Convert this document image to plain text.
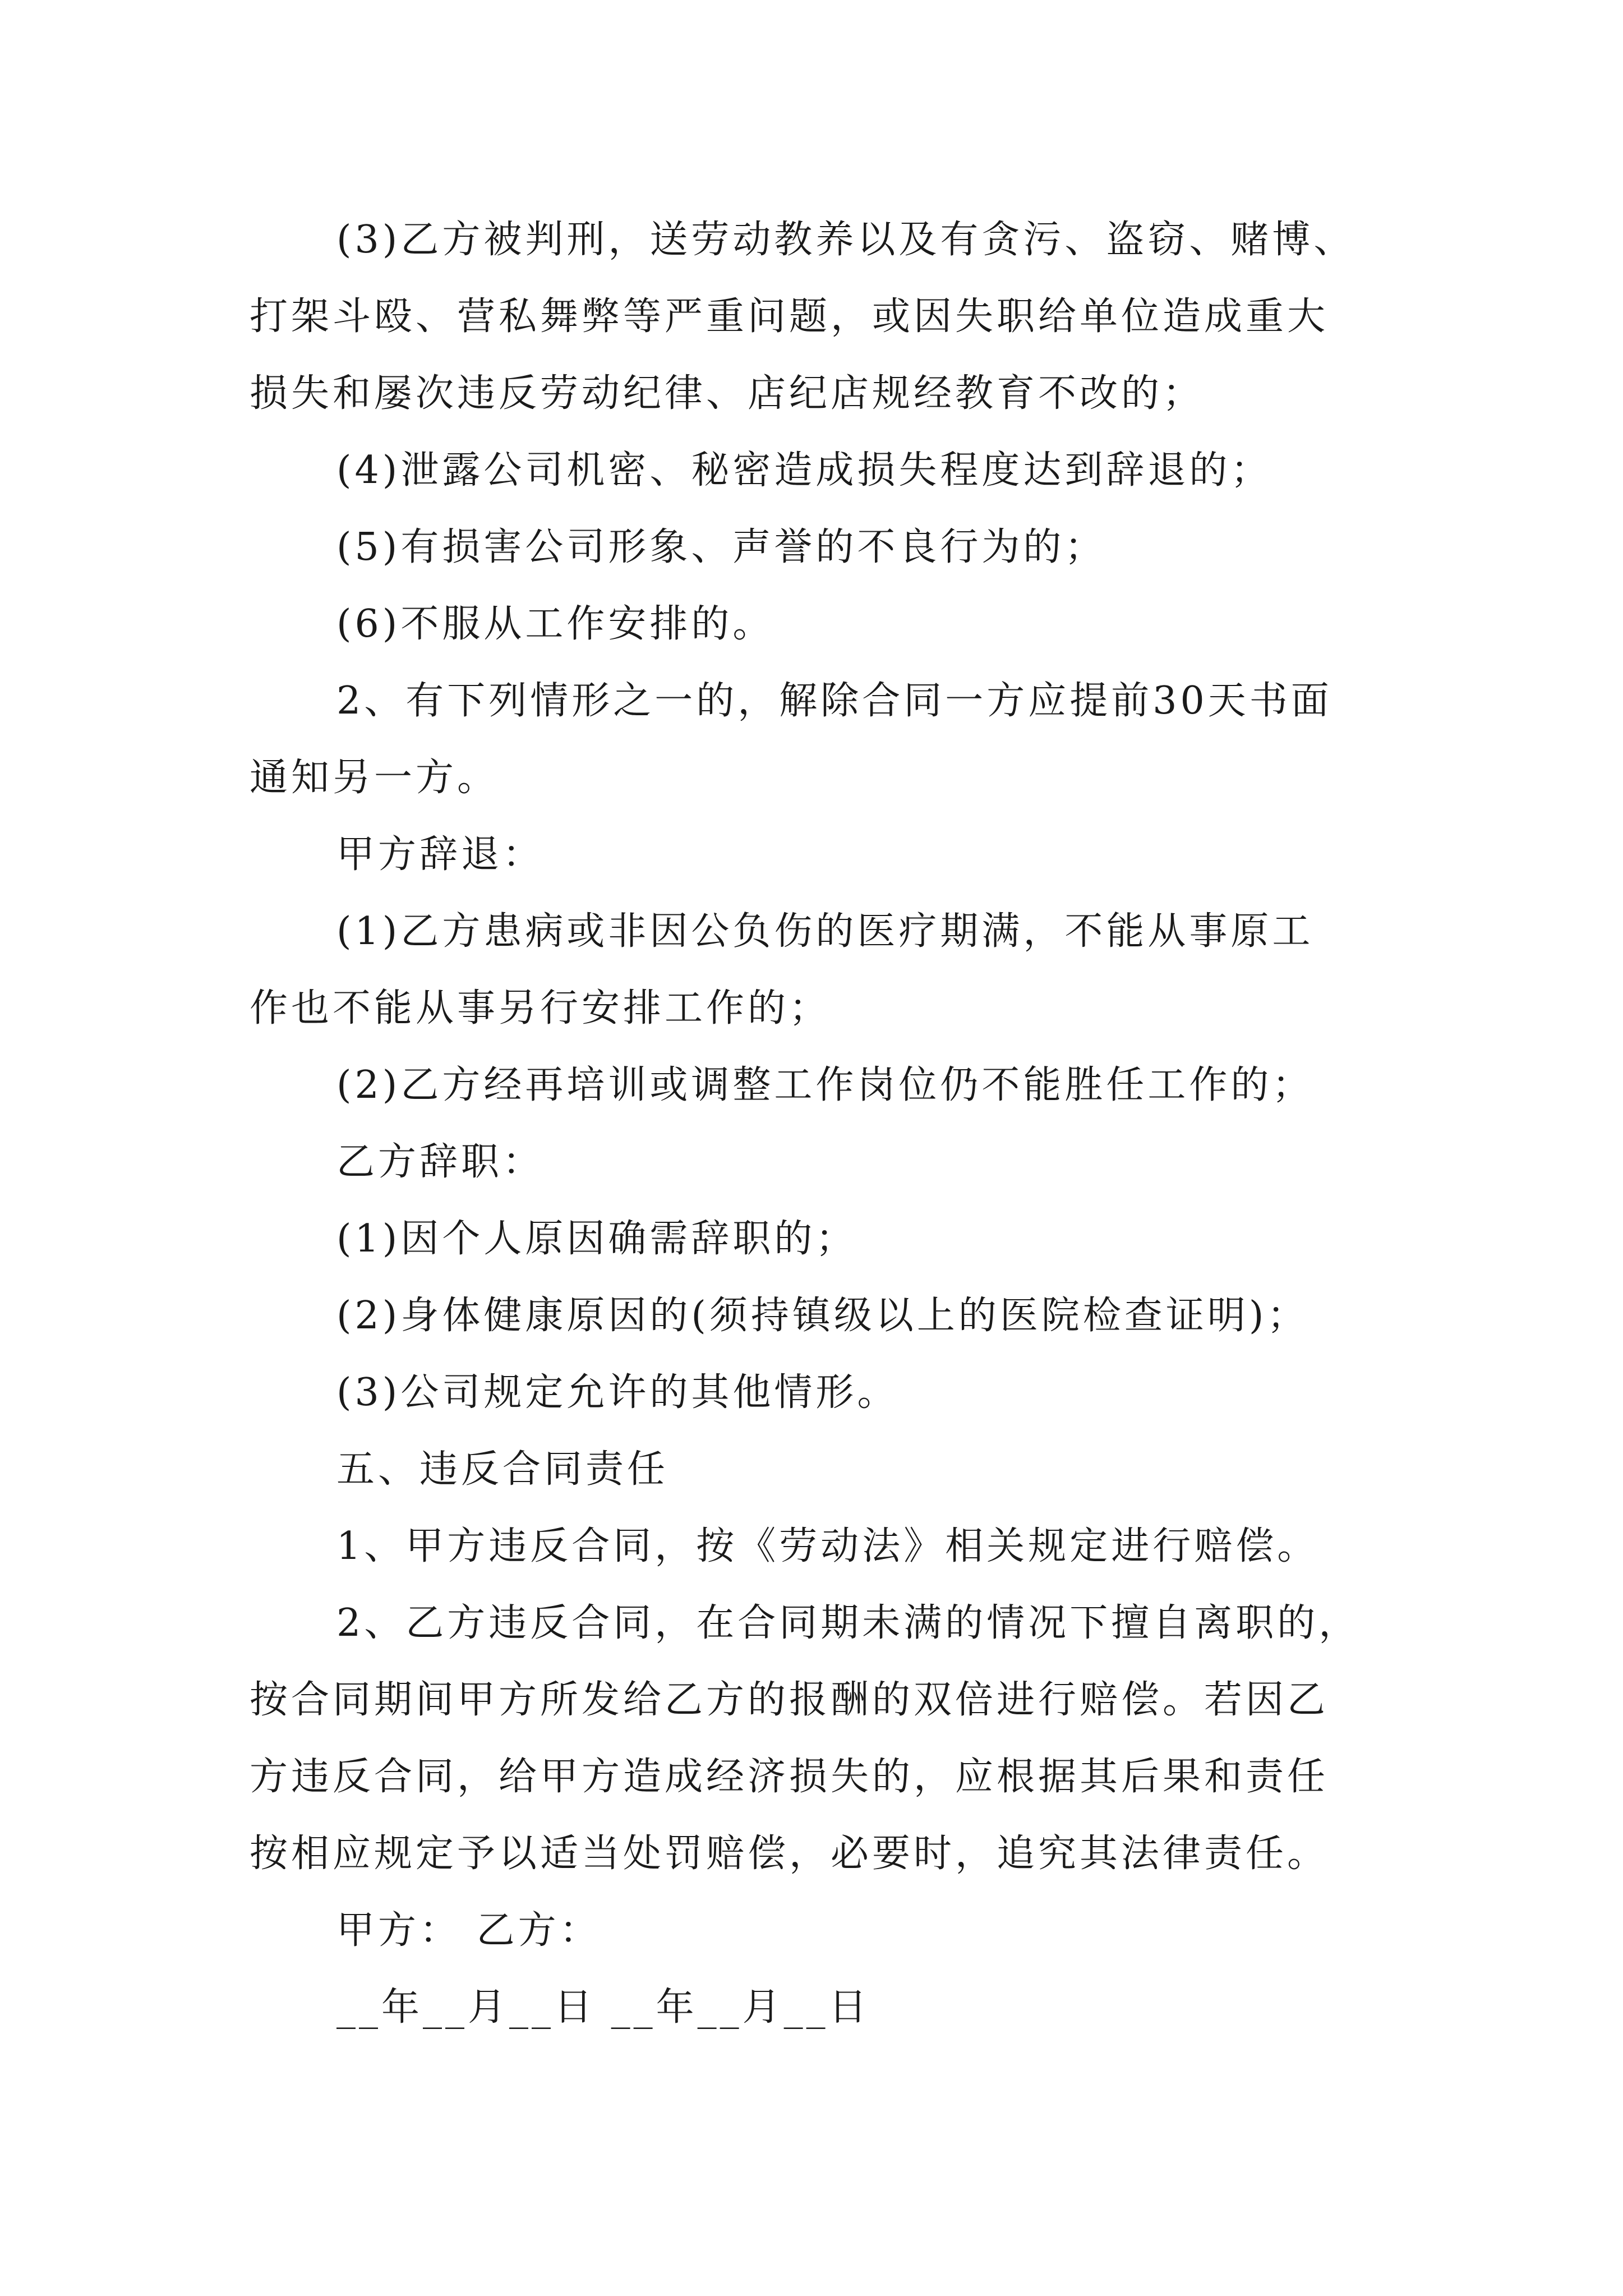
(3)乙方被判刑，送劳动教养以及有贪污、盗窃、赌博、

打架斗殴、营私舞弊等严重问题，或因失职给单位造成重大

损失和屡次违反劳动纪律、店纪店规经教育不改的；

(4)泄露公司机密、秘密造成损失程度达到辞退的；

(5)有损害公司形象、声誉的不良行为的；

(6)不服从工作安排的。

2、有下列情形之一的，解除合同一方应提前30天书面

通知另一方。

甲方辞退：

(1)乙方患病或非因公负伤的医疗期满，不能从事原工

作也不能从事另行安排工作的；

(2)乙方经再培训或调整工作岗位仍不能胜任工作的；

乙方辞职：

(1)因个人原因确需辞职的；

(2)身体健康原因的(须持镇级以上的医院检查证明)；

(3)公司规定允许的其他情形。

五、违反合同责任

1、甲方违反合同，按《劳动法》相关规定进行赔偿。

2、乙方违反合同，在合同期未满的情况下擅自离职的，

按合同期间甲方所发给乙方的报酬的双倍进行赔偿。若因乙

方违反合同，给甲方造成经济损失的，应根据其后果和责任

按相应规定予以适当处罚赔偿，必要时，追究其法律责任。

甲方： 乙方：

__年__月__日 __年__月__日
